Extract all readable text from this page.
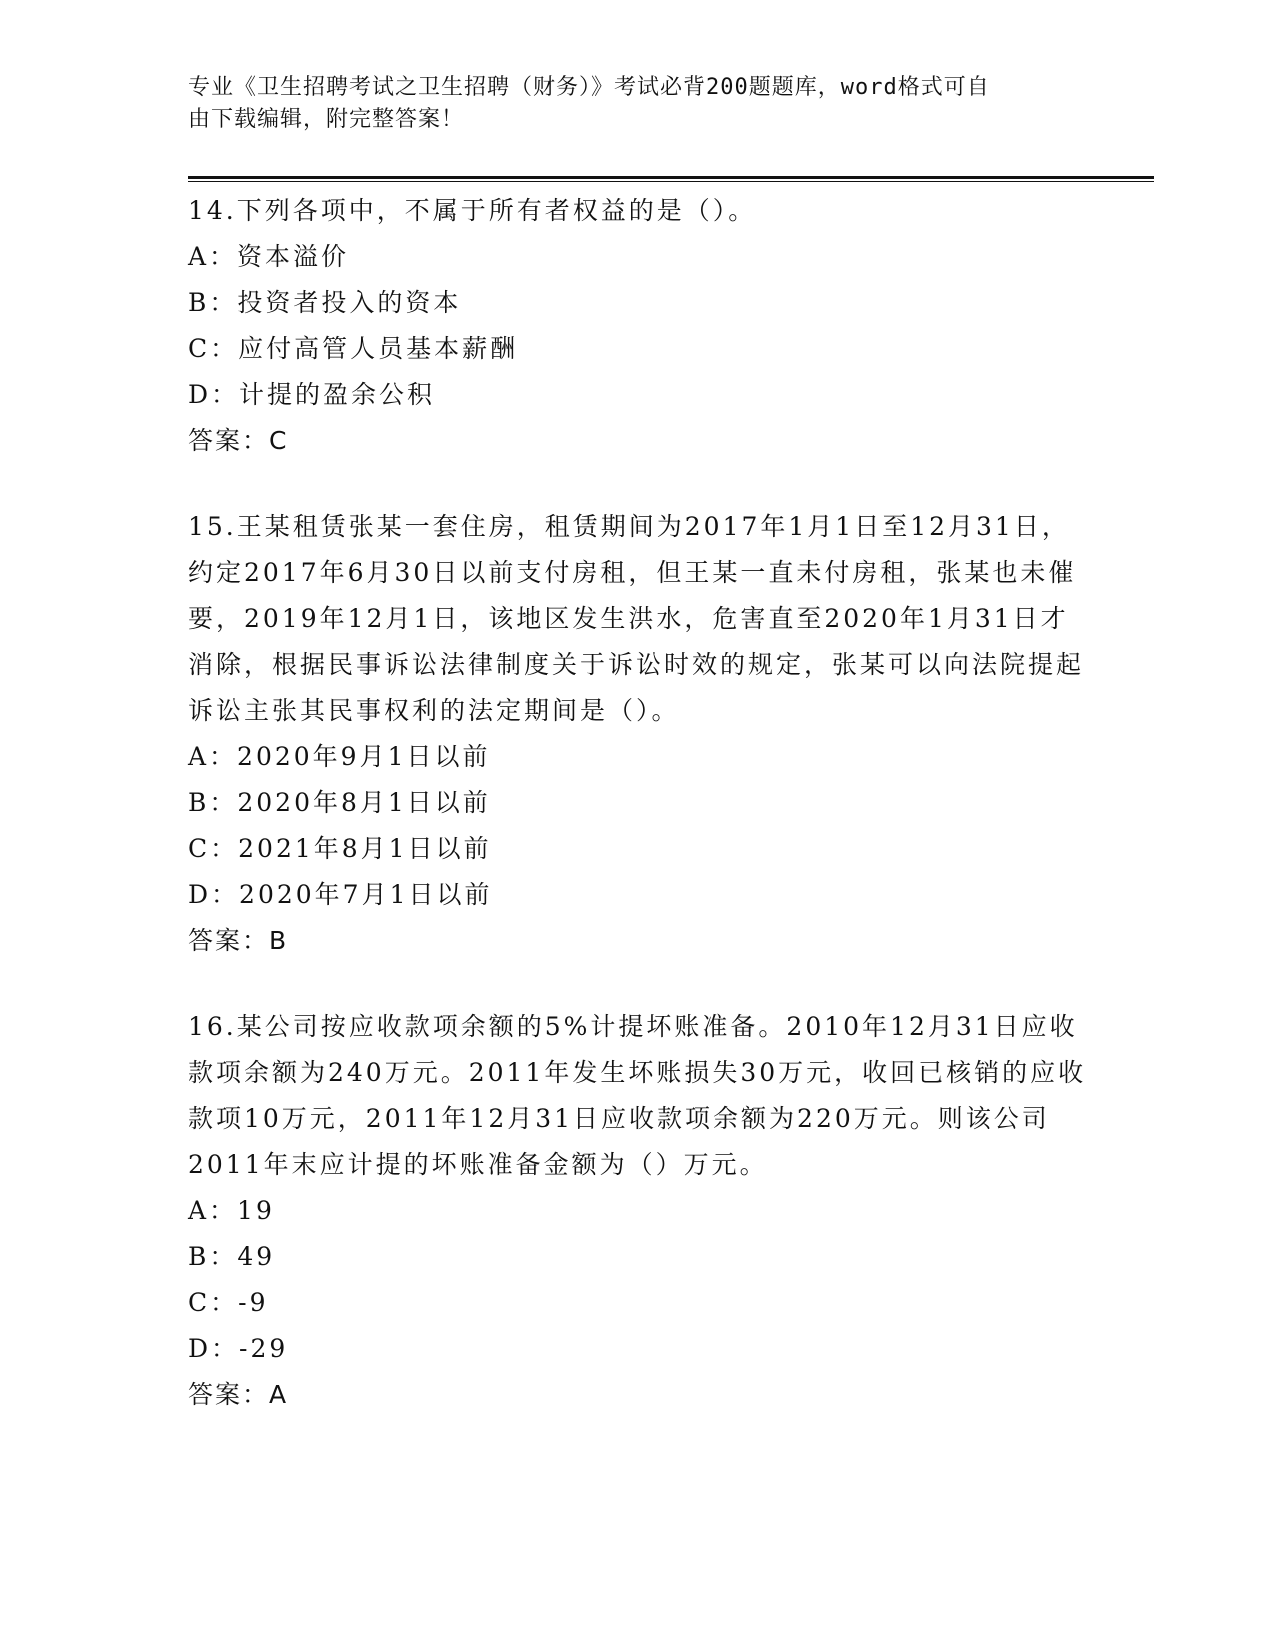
专业《卫生招聘考试之卫生招聘（财务）》考试必背200题题库，word格式可自
由下载编辑，附完整答案！

14.下列各项中，不属于所有者权益的是（）。

A：资本溢价

B：投资者投入的资本

C：应付高管人员基本薪酬

D：计提的盈余公积

答案：C

15.王某租赁张某一套住房，租赁期间为2017年1月1日至12月31日，约定2017年6月30日以前支付房租，但王某一直未付房租，张某也未催要，2019年12月1日，该地区发生洪水，危害直至2020年1月31日才消除，根据民事诉讼法律制度关于诉讼时效的规定，张某可以向法院提起诉讼主张其民事权利的法定期间是（）。

A：2020年9月1日以前

B：2020年8月1日以前

C：2021年8月1日以前

D：2020年7月1日以前

答案：B

16.某公司按应收款项余额的5%计提坏账准备。2010年12月31日应收款项余额为240万元。2011年发生坏账损失30万元，收回已核销的应收款项10万元，2011年12月31日应收款项余额为220万元。则该公司2011年末应计提的坏账准备金额为（）万元。

A：19

B：49

C：-9

D：-29

答案：A
